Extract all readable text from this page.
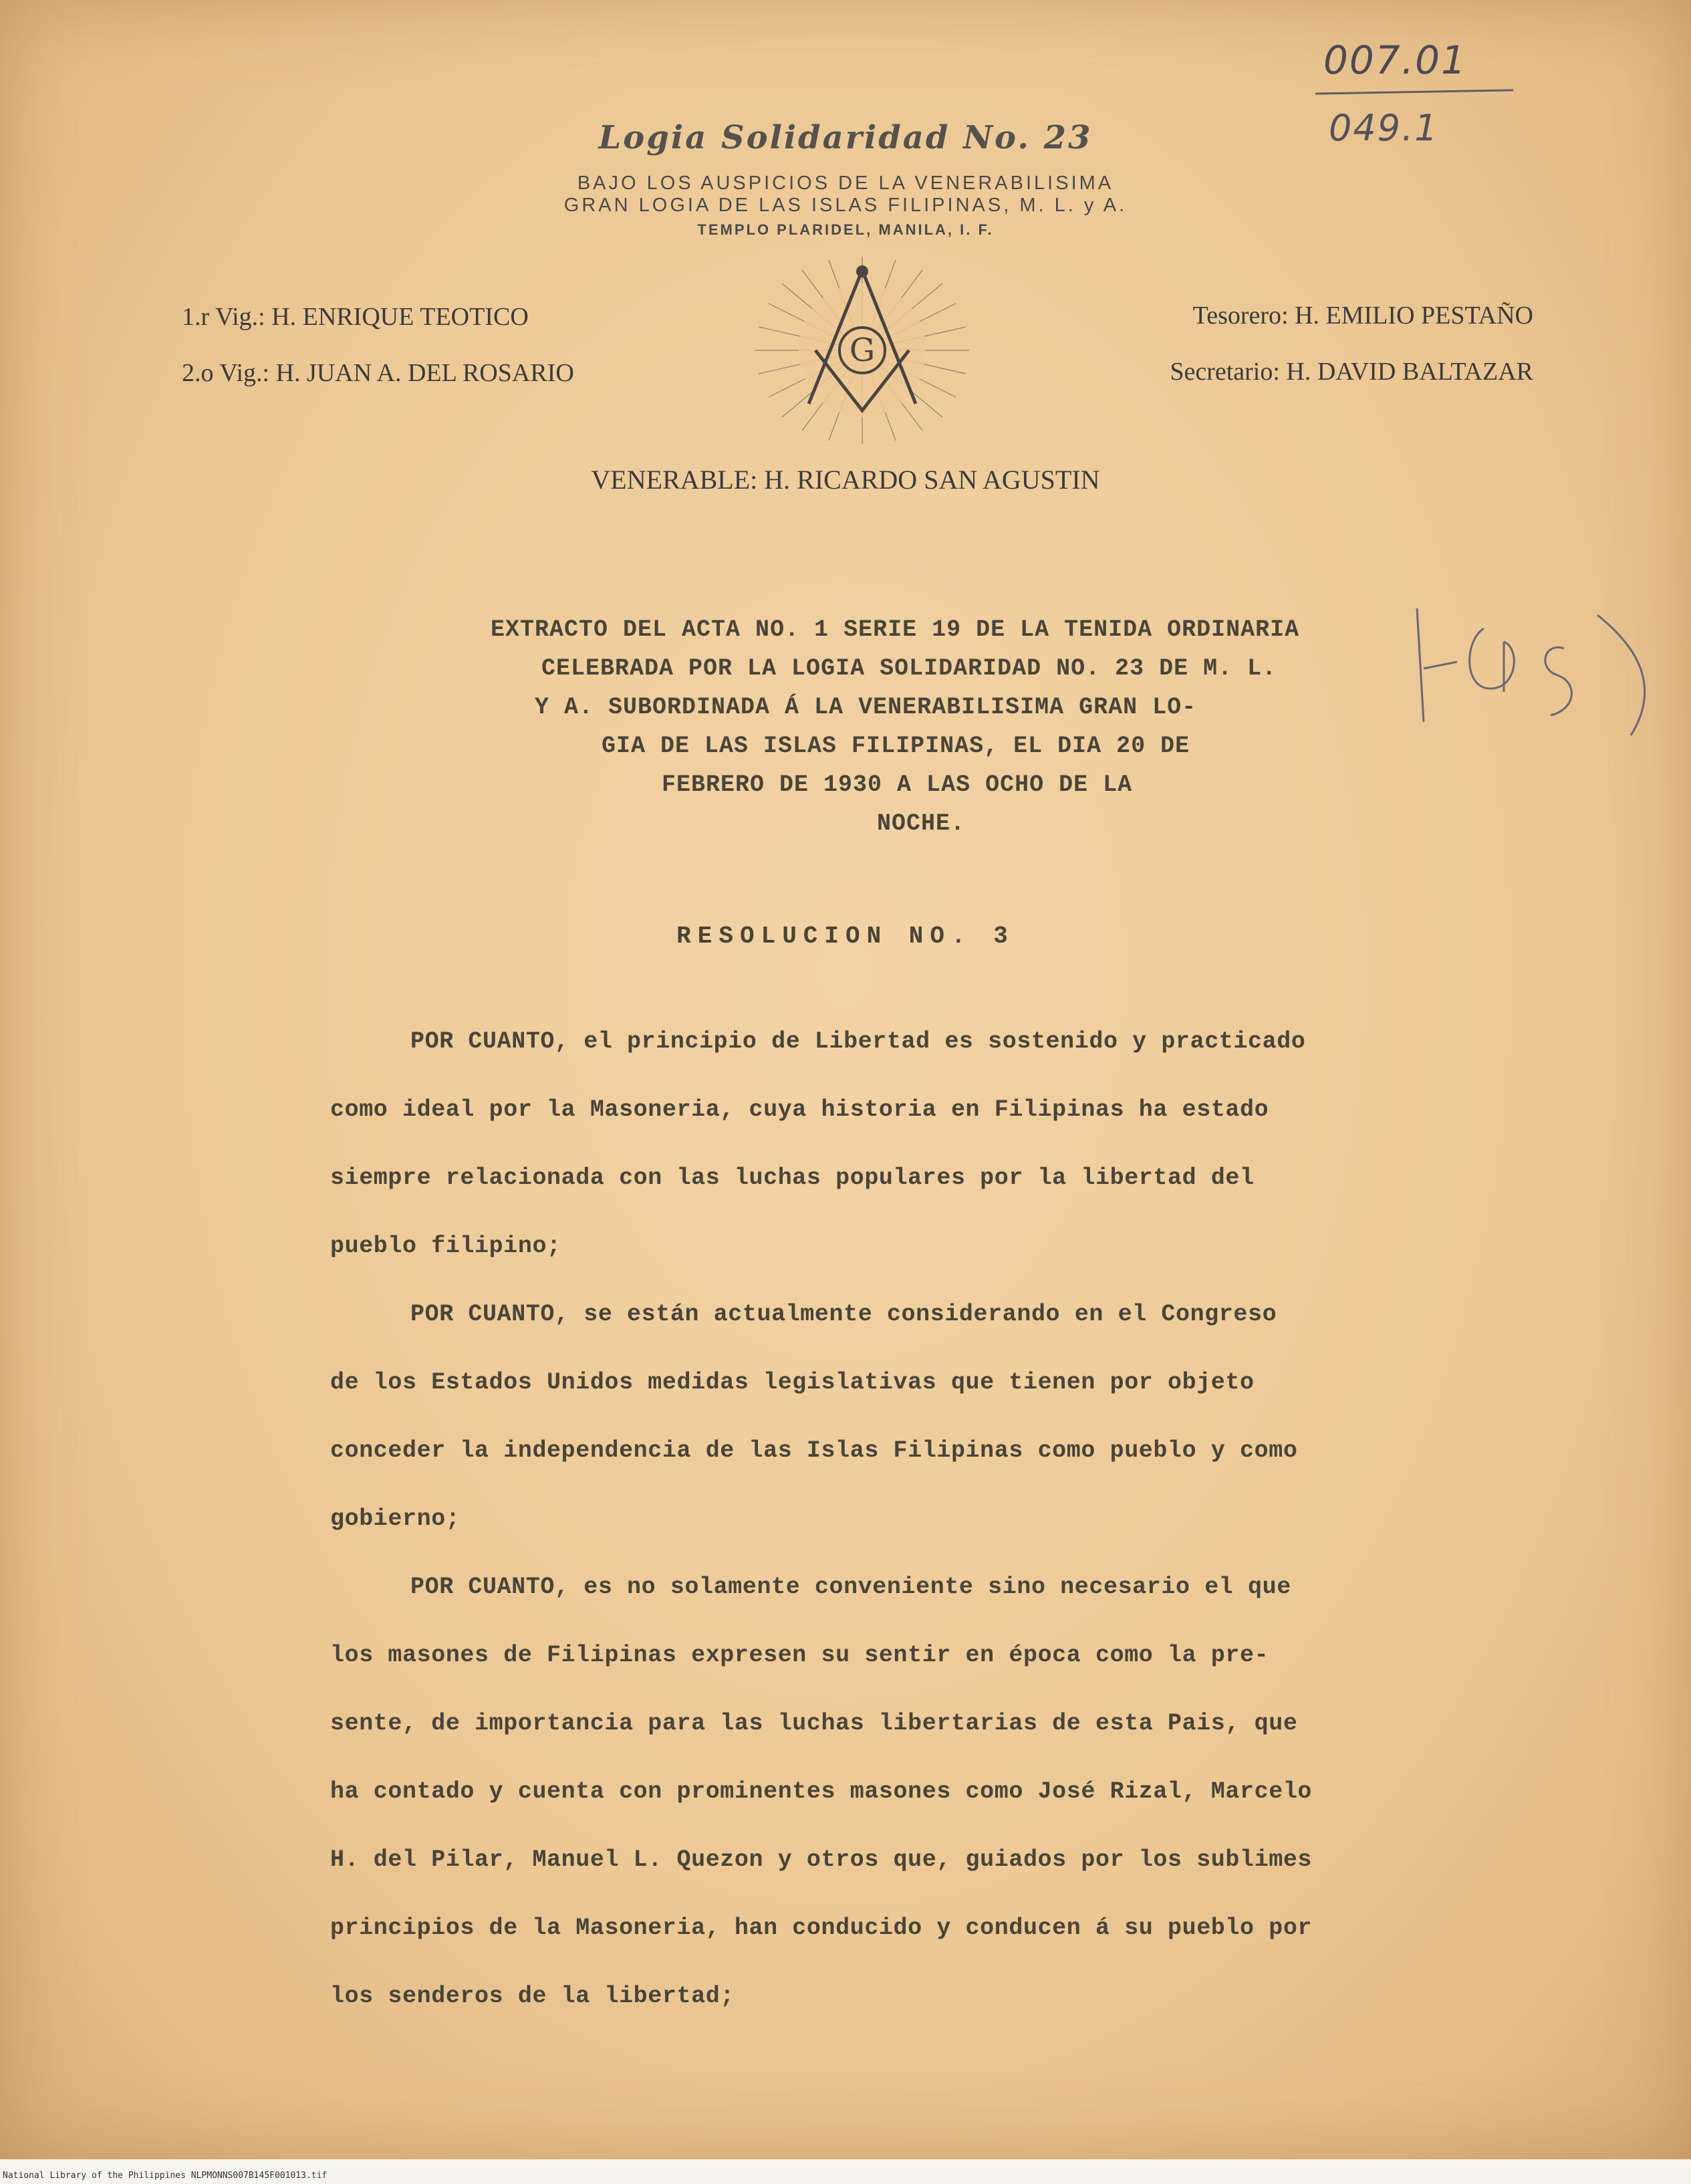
National Library of the Philippines NLPMONNS007B145F001013.tif
007.01
049.1
Logia Solidaridad No. 23
BAJO LOS AUSPICIOS DE LA VENERABILISIMA
GRAN LOGIA DE LAS ISLAS FILIPINAS, M. L. y A.
TEMPLO PLARIDEL, MANILA, I. F.
1.r Vig.: H. ENRIQUE TEOTICO
2.o Vig.: H. JUAN A. DEL ROSARIO
Tesorero: H. EMILIO PESTAÑO
Secretario: H. DAVID BALTAZAR
VENERABLE: H. RICARDO SAN AGUSTIN
G
EXTRACTO DEL ACTA NO. 1 SERIE 19 DE LA TENIDA ORDINARIA
CELEBRADA POR LA LOGIA SOLIDARIDAD NO. 23 DE M. L.
Y A. SUBORDINADA Á LA VENERABILISIMA GRAN LO-
GIA DE LAS ISLAS FILIPINAS, EL DIA 20 DE
FEBRERO DE 1930 A LAS OCHO DE LA
NOCHE.
RESOLUCION NO. 3
POR CUANTO, el principio de Libertad es sostenido y practicado
como ideal por la Masoneria, cuya historia en Filipinas ha estado
siempre relacionada con las luchas populares por la libertad del
pueblo filipino;
POR CUANTO, se están actualmente considerando en el Congreso
de los Estados Unidos medidas legislativas que tienen por objeto
conceder la independencia de las Islas Filipinas como pueblo y como
gobierno;
POR CUANTO, es no solamente conveniente sino necesario el que
los masones de Filipinas expresen su sentir en época como la pre-
sente, de importancia para las luchas libertarias de esta Pais, que
ha contado y cuenta con prominentes masones como José Rizal, Marcelo
H. del Pilar, Manuel L. Quezon y otros que, guiados por los sublimes
principios de la Masoneria, han conducido y conducen á su pueblo por
los senderos de la libertad;
